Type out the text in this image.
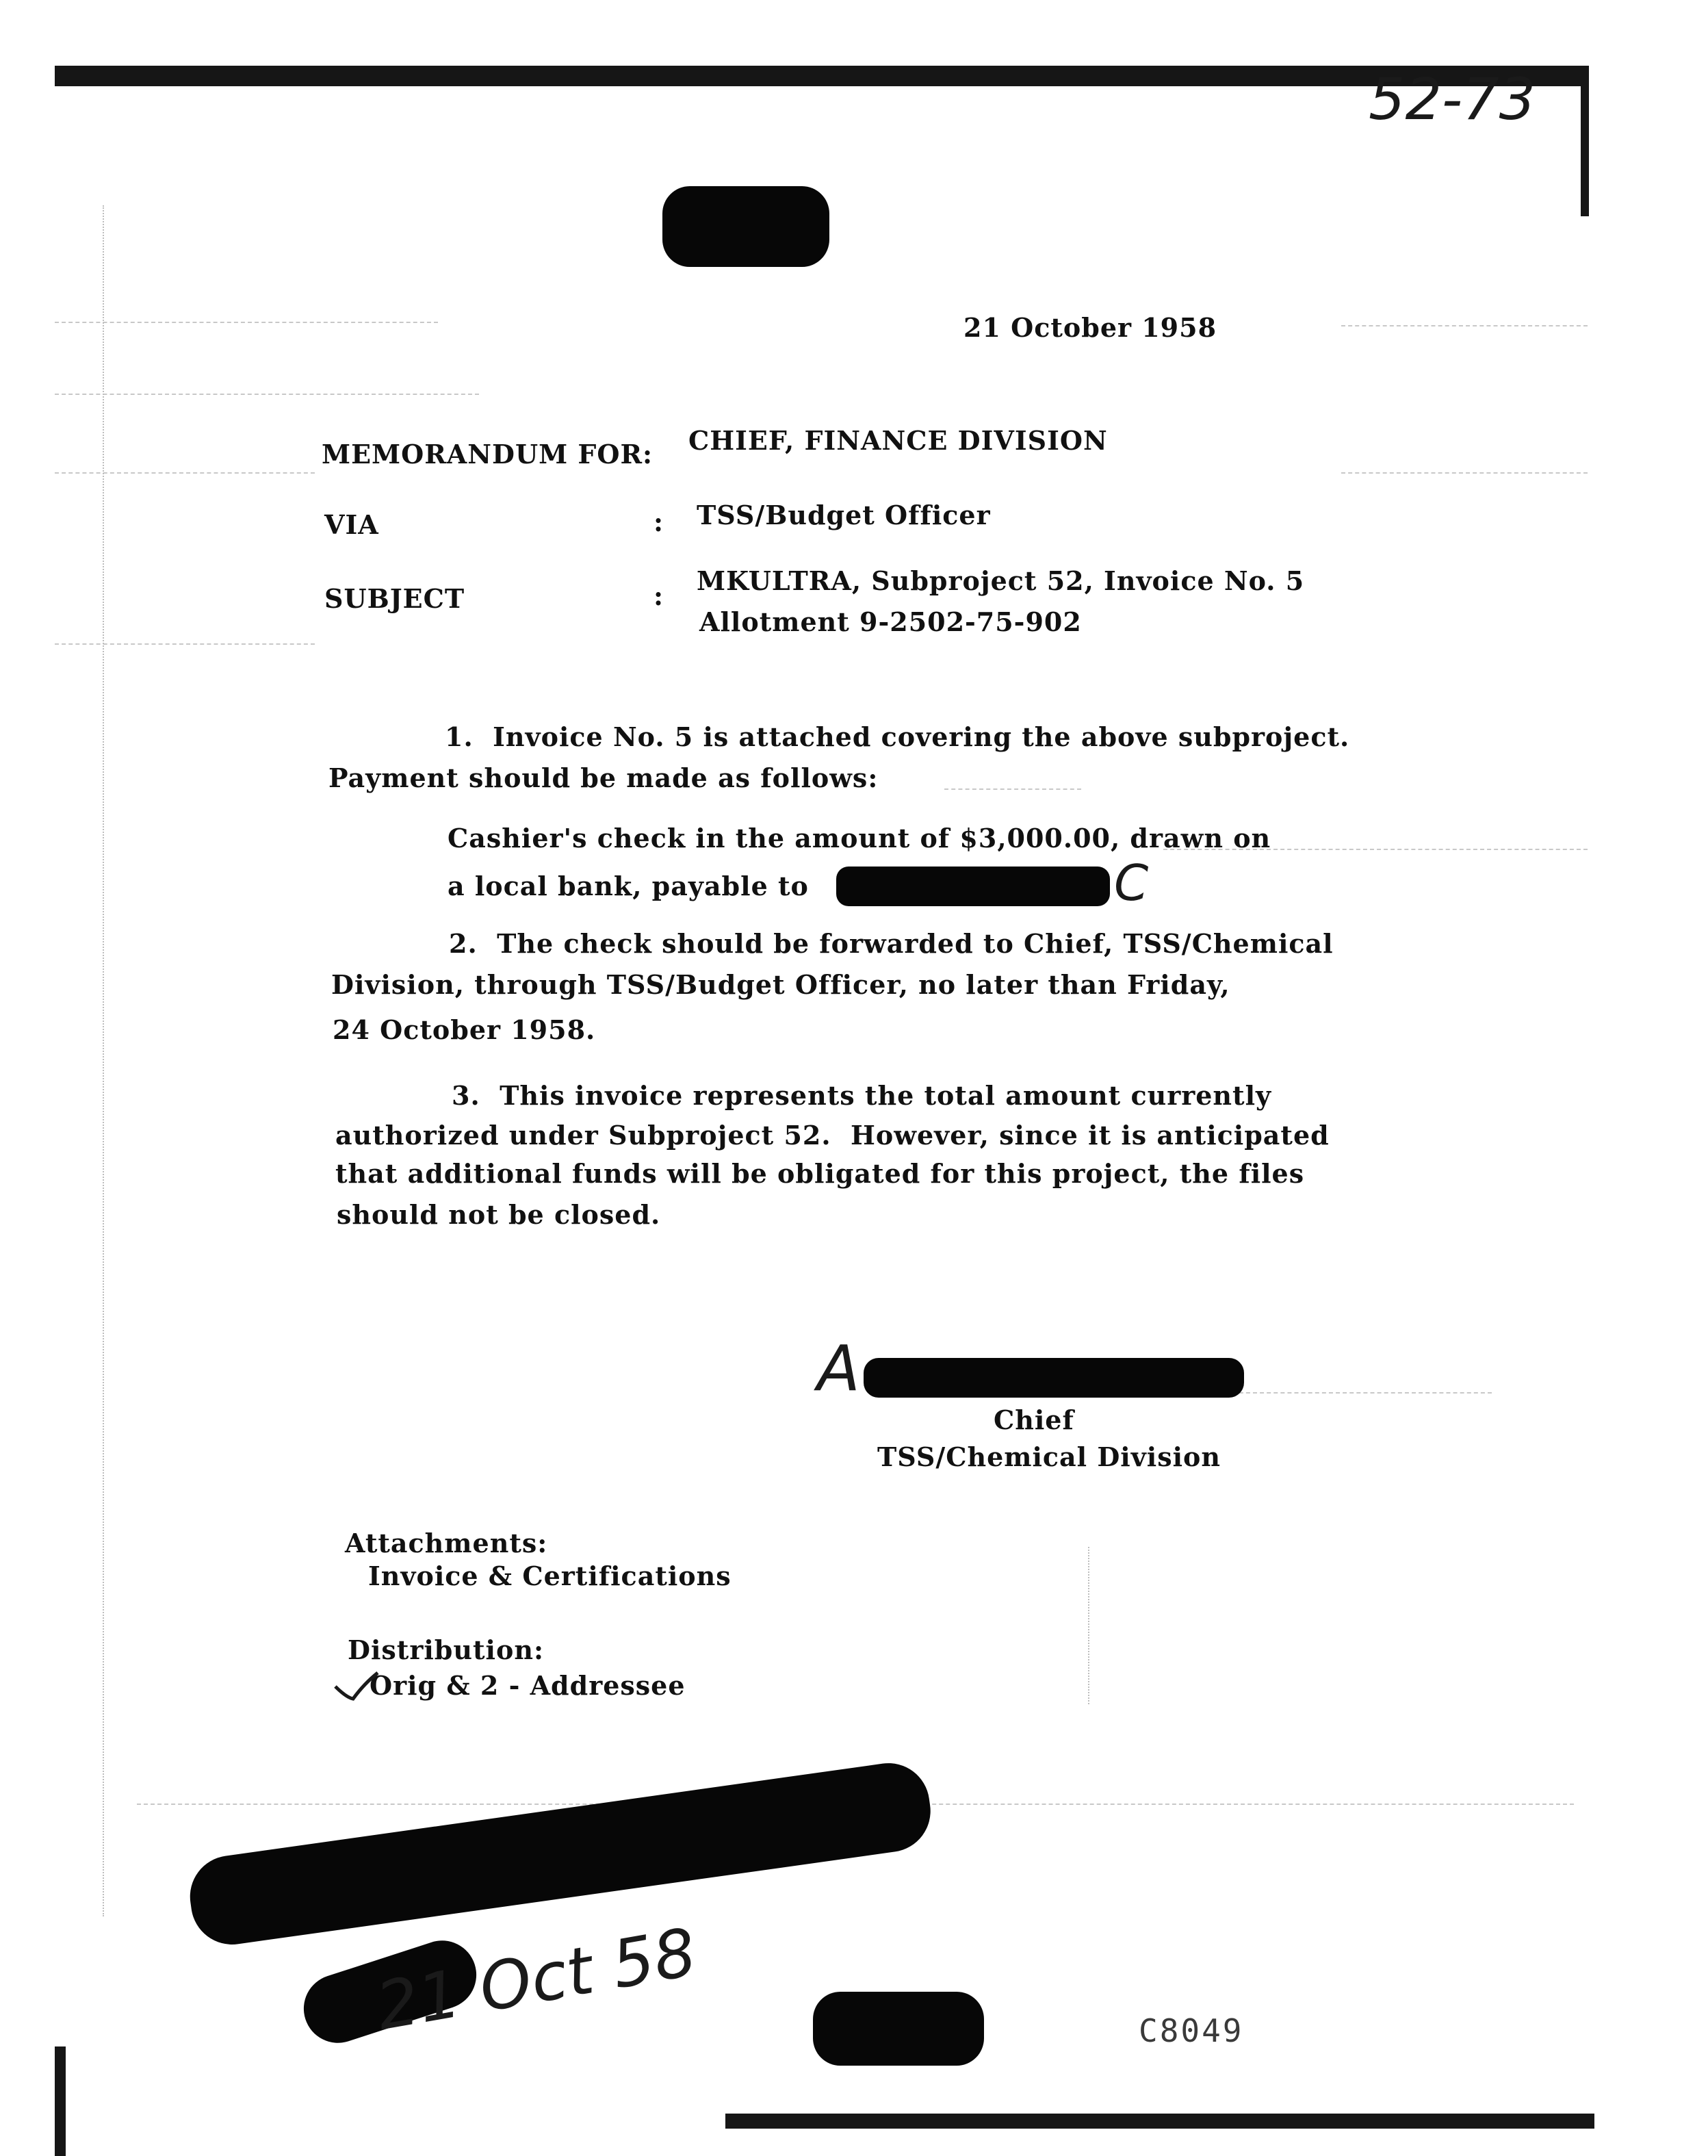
52-73
21 October 1958
MEMORANDUM FOR: CHIEF, FINANCE DIVISION
VIA	: TSS/Budget Officer
SUBJECT	: MKULTRA, Subproject 52, Invoice No. 5
Allotment 9-2502-75-902
1.  Invoice No. 5 is attached covering the above subproject.
Payment should be made as follows:
Cashier's check in the amount of $3,000.00, drawn on
a local bank, payable to	C
2.  The check should be forwarded to Chief, TSS/Chemical
Division, through TSS/Budget Officer, no later than Friday,
24 October 1958.
3.  This invoice represents the total amount currently
authorized under Subproject 52.  However, since it is anticipated
that additional funds will be obligated for this project, the files
should not be closed.
A
Chief
TSS/Chemical Division
Attachments:
Invoice & Certifications
Distribution:
Orig & 2 - Addressee
21 Oct 58	C8049
